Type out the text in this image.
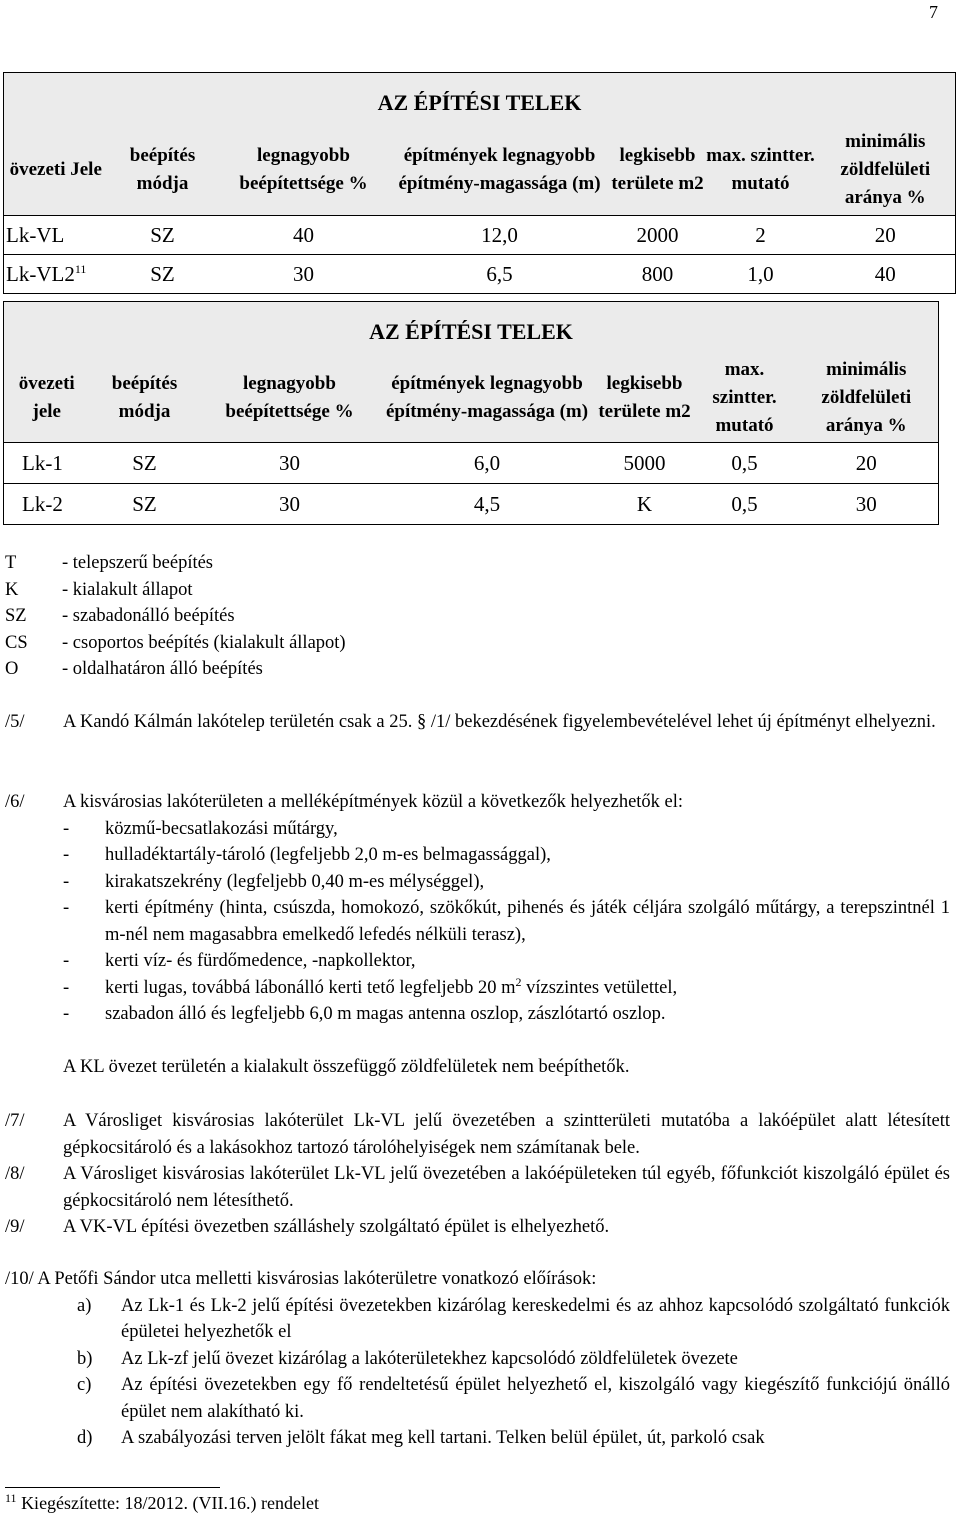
7
AZ ÉPÍTÉSI TELEK						
övezeti Jele	beépítés módja	legnagyobb beépítettsége %	építmények legnagyobb építmény-magassága (m)	legkisebb területe m2	max. szintter. mutató	minimális zöldfelületi aránya %
Lk-VL	SZ	40	12,0	2000	2	20
$Lk-VL2^{11}$	SZ	30	6,5	800	1,0	40
AZ ÉPÍTÉSI TELEK						
övezeti jele	beépítés módja	legnagyobb beépítettsége %	építmények legnagyobb építmény-magassága (m)	legkisebb területe m2	max. szintter. mutató	minimális zöldfelületi aránya %
Lk-1	SZ	30	6,0	5000	0,5	20
Lk-2	SZ	30	4,5	K	0,5	30
T	- telepszerű beépítés
K	- kialakult állapot
SZ	- szabadonálló beépítés
CS	- csoportos beépítés (kialakult állapot)
O	- oldalhatáron álló beépítés
/5/ A Kandó Kálmán lakótelep területén csak a 25. § /1/ bekezdésének figyelembevételével lehet új építményt elhelyezni.
/6/ A kisvárosias lakóterületen a melléképítmények közül a következők helyezhetők el:
-	közmű-becsatlakozási műtárgy,
-	hulladéktartály-tároló (legfeljebb 2,0 m-es belmagassággal),
-	kirakatszekrény (legfeljebb 0,40 m-es mélységgel),
-	kerti építmény (hinta, csúszda, homokozó, szökőkút, pihenés és játék céljára szolgáló műtárgy, a terepszintnél 1 m-nél nem magasabbra emelkedő lefedés nélküli terasz),
-	kerti víz- és fürdőmedence, -napkollektor,
-	kerti lugas, továbbá lábonálló kerti tető legfeljebb 20 $m^2$ vízszintes vetülettel,
-	szabadon álló és legfeljebb 6,0 m magas antenna oszlop, zászlótartó oszlop.
A KL övezet területén a kialakult összefüggő zöldfelületek nem beépíthetők.
/7/ A Városliget kisvárosias lakóterület Lk-VL jelű övezetében a szintterületi mutatóba a lakóépület alatt létesített gépkocsitároló és a lakásokhoz tartozó tárolóhelyiségek nem számítanak bele.
/8/ A Városliget kisvárosias lakóterület Lk-VL jelű övezetében a lakóépületeken túl egyéb, főfunkciót kiszolgáló épület és gépkocsitároló nem létesíthető.
/9/ A VK-VL építési övezetben szálláshely szolgáltató épület is elhelyezhető.
/10/ A Petőfi Sándor utca melletti kisvárosias lakóterületre vonatkozó előírások:
a)	Az Lk-1 és Lk-2 jelű építési övezetekben kizárólag kereskedelmi és az ahhoz kapcsolódó szolgáltató funkciók épületei helyezhetők el
b)	Az Lk-zf jelű övezet kizárólag a lakóterületekhez kapcsolódó zöldfelületek övezete
c)	Az építési övezetekben egy fő rendeltetésű épület helyezhető el, kiszolgáló vagy kiegészítő funkciójú önálló épület nem alakítható ki.
d)	A szabályozási terven jelölt fákat meg kell tartani. Telken belül épület, út, parkoló csak
$^{11}$ Kiegészítette: 18/2012. (VII.16.) rendelet
